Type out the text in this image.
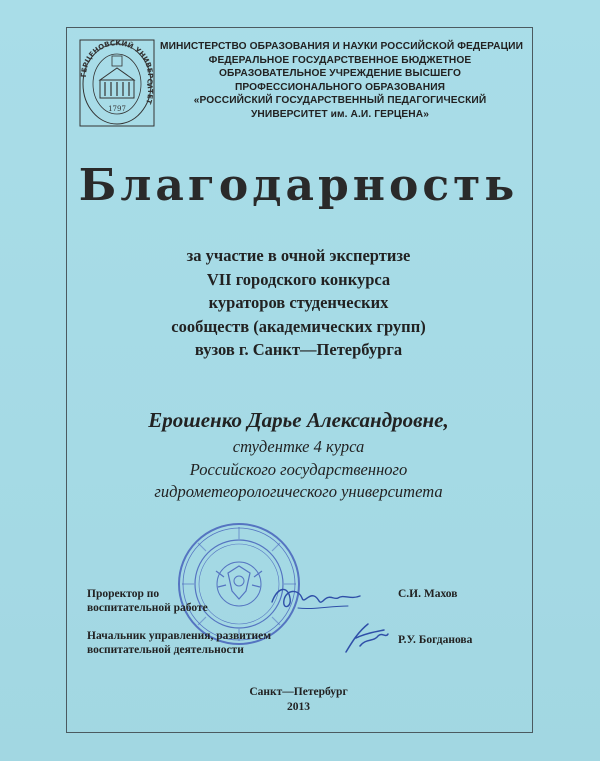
ГЕРЦЕНОВСКИЙ УНИВЕРСИТЕТ
1797
МИНИСТЕРСТВО ОБРАЗОВАНИЯ И НАУКИ РОССИЙСКОЙ ФЕДЕРАЦИИ
ФЕДЕРАЛЬНОЕ ГОСУДАРСТВЕННОЕ БЮДЖЕТНОЕ
ОБРАЗОВАТЕЛЬНОЕ УЧРЕЖДЕНИЕ ВЫСШЕГО
ПРОФЕССИОНАЛЬНОГО ОБРАЗОВАНИЯ
«РОССИЙСКИЙ ГОСУДАРСТВЕННЫЙ ПЕДАГОГИЧЕСКИЙ
УНИВЕРСИТЕТ им. А.И. ГЕРЦЕНА»
Благодарность
за участие в очной экспертизе
VII городского конкурса
кураторов студенческих
сообществ (академических групп)
вузов г. Санкт—Петербурга
Ерошенко Дарье Александровне,
студентке 4 курса
Российского государственного
гидрометеорологического университета
Проректор по
воспитательной работе
С.И. Махов
Начальник управления, развитием
воспитательной деятельности
Р.У. Богданова
Санкт—Петербург
2013
